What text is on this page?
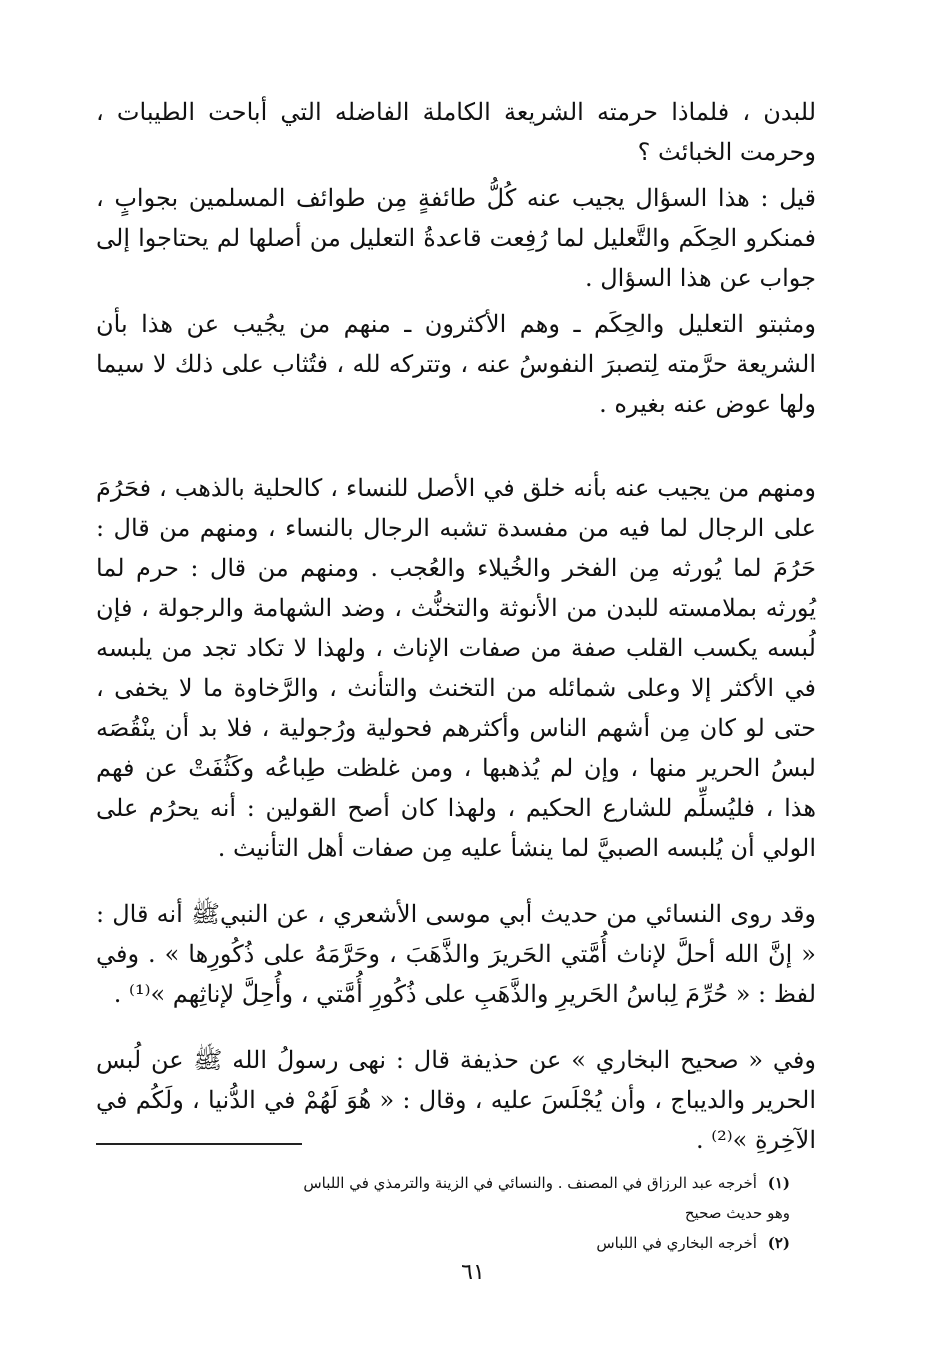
للبدن ، فلماذا حرمته الشريعة الكاملة الفاضله التي أباحت الطيبات ، وحرمت الخبائث ؟

قيل : هذا السؤال يجيب عنه كُلُّ طائفةٍ مِن طوائف المسلمين بجوابٍ ، فمنكرو الحِكَم والتَّعليل لما رُفِعت قاعدةُ التعليل من أصلها لم يحتاجوا إلى جواب عن هذا السؤال .

ومثبتو التعليل والحِكَم ـ وهم الأكثرون ـ منهم من يجُيب عن هذا بأن الشريعة حرَّمته لِتصبرَ النفوسُ عنه ، وتتركه لله ، فتُثاب على ذلك لا سيما ولها عوض عنه بغيره .

ومنهم من يجيب عنه بأنه خلق في الأصل للنساء ، كالحلية بالذهب ، فحَرُمَ على الرجال لما فيه من مفسدة تشبه الرجال بالنساء ، ومنهم من قال : حَرُمَ لما يُورثه مِن الفخر والخُيلاء والعُجب . ومنهم من قال : حرم لما يُورثه بملامسته للبدن من الأنوثة والتخنُّث ، وضد الشهامة والرجولة ، فإن لُبسه يكسب القلب صفة من صفات الإناث ، ولهذا لا تكاد تجد من يلبسه في الأكثر إلا وعلى شمائله من التخنث والتأنث ، والرَّخاوة ما لا يخفى ، حتى لو كان مِن أشهم الناس وأكثرهم فحولية ورُجولية ، فلا بد أن ينْقُصَه لبسُ الحرير منها ، وإن لم يُذهبها ، ومن غلظت طِباعُه وكَثُفَتْ عن فهم هذا ، فليُسلِّم للشارع الحكيم ، ولهذا كان أصح القولين : أنه يحرُم على الولي أن يُلبسه الصبيَّ لما ينشأ عليه مِن صفات أهل التأنيث .

وقد روى النسائي من حديث أبي موسى الأشعري ، عن النبيﷺ أنه قال : « إنَّ الله أحلَّ لإناث أُمَّتي الحَريرَ والذَّهَبَ ، وحَرَّمَهُ على ذُكُورِها » . وفي لفظ : « حُرِّمَ لِباسُ الحَريرِ والذَّهَبِ على ذُكُورِ أُمَّتي ، وأُحِلَّ لإناثِهم »⁽¹⁾ .

وفي « صحيح البخاري » عن حذيفة قال : نهى رسولُ الله ﷺ عن لُبس الحرير والديباج ، وأن يُجْلَسَ عليه ، وقال : « هُوَ لَهُمْ في الدُّنيا ، ولَكُم في الآخِرةِ »⁽²⁾ .

(١) أخرجه عبد الرزاق في المصنف . والنسائي في الزينة والترمذي في اللباس وهو حديث صحيح
(٢) أخرجه البخاري في اللباس
٦١
